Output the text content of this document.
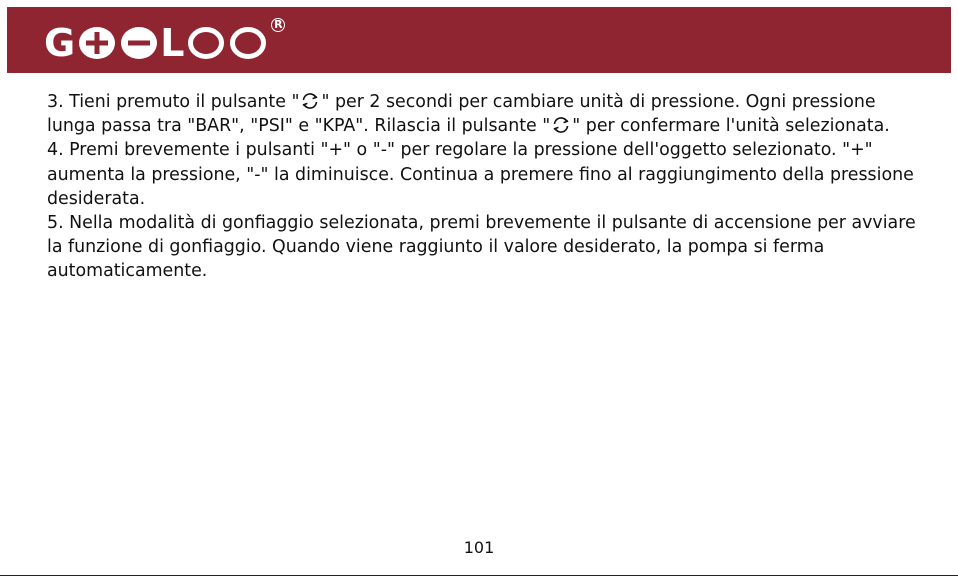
G L	R

3. Tieni premuto il pulsante " " per 2 secondi per cambiare unità di pressione. Ogni pressione lunga passa tra "BAR", "PSI" e "KPA". Rilascia il pulsante " " per confermare l'unità selezionata.

4. Premi brevemente i pulsanti "+" o "-" per regolare la pressione dell'oggetto selezionato. "+" aumenta la pressione, "-" la diminuisce. Continua a premere fino al raggiungimento della pressione desiderata.

5. Nella modalità di gonfiaggio selezionata, premi brevemente il pulsante di accensione per avviare la funzione di gonfiaggio. Quando viene raggiunto il valore desiderato, la pompa si ferma automaticamente.

101
